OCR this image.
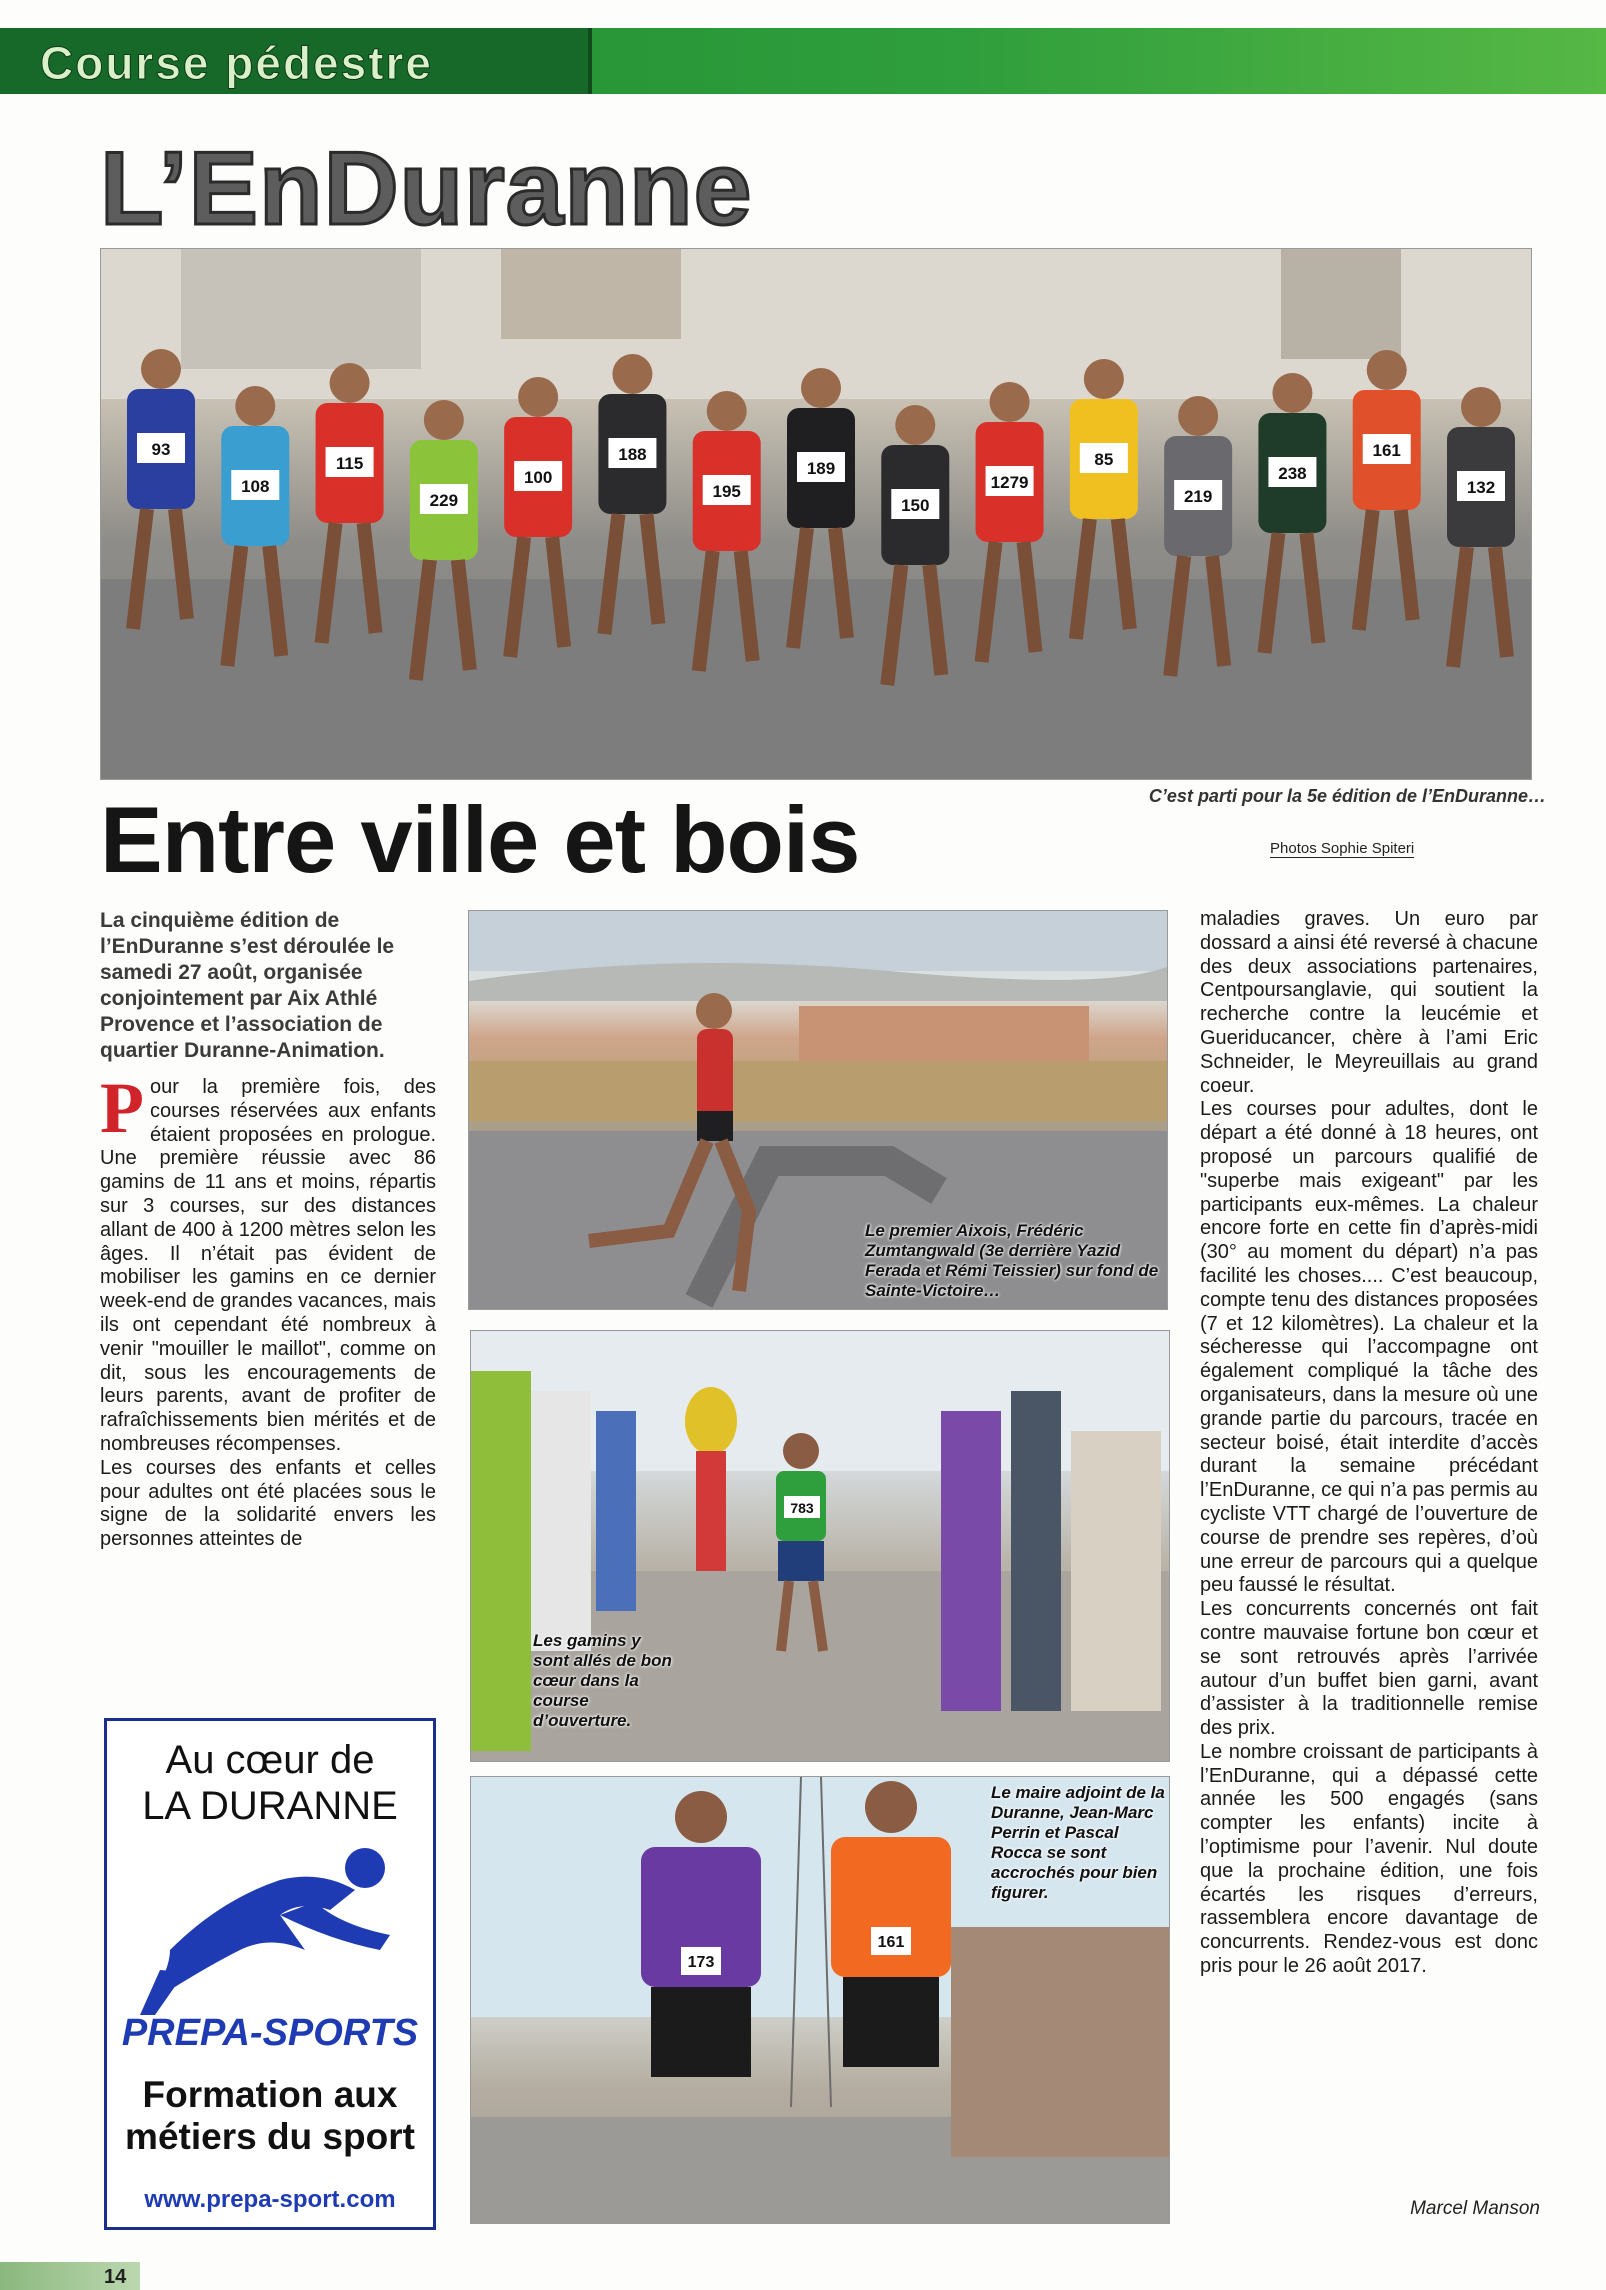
Course pédestre
L’EnDuranne
93
108
115
229
100
188
195
189
150
1279
85
219
238
161
132
C’est parti pour la 5e édition de l’EnDuranne…
Photos Sophie Spiteri
Entre ville et bois
La cinquième édition de l’EnDuranne s’est déroulée le samedi 27 août, organisée conjointement par Aix Athlé Provence et l’association de quartier Duranne-Animation.
P our la première fois, des courses réservées aux enfants étaient proposées en prologue. Une première réussie avec 86 gamins de 11 ans et moins, répartis sur 3 courses, sur des distances allant de 400 à 1200 mètres selon les âges. Il n’était pas évident de mobiliser les gamins en ce dernier week-end de grandes vacances, mais ils ont cependant été nombreux à venir "mouiller le maillot", comme on dit, sous les encouragements de leurs parents, avant de profiter de rafraîchissements bien mérités et de nombreuses récompenses.

Les courses des enfants et celles pour adultes ont été placées sous le signe de la solidarité envers les personnes atteintes de

Le premier Aixois, Frédéric Zumtangwald (3e derrière Yazid Ferada et Rémi Teissier) sur fond de Sainte-Victoire…
783
Les gamins y sont allés de bon cœur dans la course d’ouverture.
173
161
Le maire adjoint de la Duranne, Jean-Marc Perrin et Pascal Rocca se sont accrochés pour bien figurer.

maladies graves. Un euro par dossard a ainsi été reversé à chacune des deux associations partenaires, Centpoursanglavie, qui soutient la recherche contre la leucémie et Gueriducancer, chère à l’ami Eric Schneider, le Meyreuillais au grand coeur.

Les courses pour adultes, dont le départ a été donné à 18 heures, ont proposé un parcours qualifié de "superbe mais exigeant" par les participants eux-mêmes. La chaleur encore forte en cette fin d’après-midi (30° au moment du départ) n’a pas facilité les choses.... C’est beaucoup, compte tenu des distances proposées (7 et 12 kilomètres). La chaleur et la sécheresse qui l’accompagne ont également compliqué la tâche des organisateurs, dans la mesure où une grande partie du parcours, tracée en secteur boisé, était interdite d’accès durant la semaine précédant l’EnDuranne, ce qui n’a pas permis au cycliste VTT chargé de l’ouverture de course de prendre ses repères, d’où une erreur de parcours qui a quelque peu faussé le résultat.

Les concurrents concernés ont fait contre mauvaise fortune bon cœur et se sont retrouvés après l’arrivée autour d’un buffet bien garni, avant d’assister à la traditionnelle remise des prix.

Le nombre croissant de participants à l’EnDuranne, qui a dépassé cette année les 500 engagés (sans compter les enfants) incite à l’optimisme pour l’avenir. Nul doute que la prochaine édition, une fois écartés les risques d’erreurs, rassemblera encore davantage de concurrents. Rendez-vous est donc pris pour le 26 août 2017.

Marcel Manson
Au cœur de
LA DURANNE
PREPA-SPORTS
Formation aux
métiers du sport
www.prepa-sport.com
14
